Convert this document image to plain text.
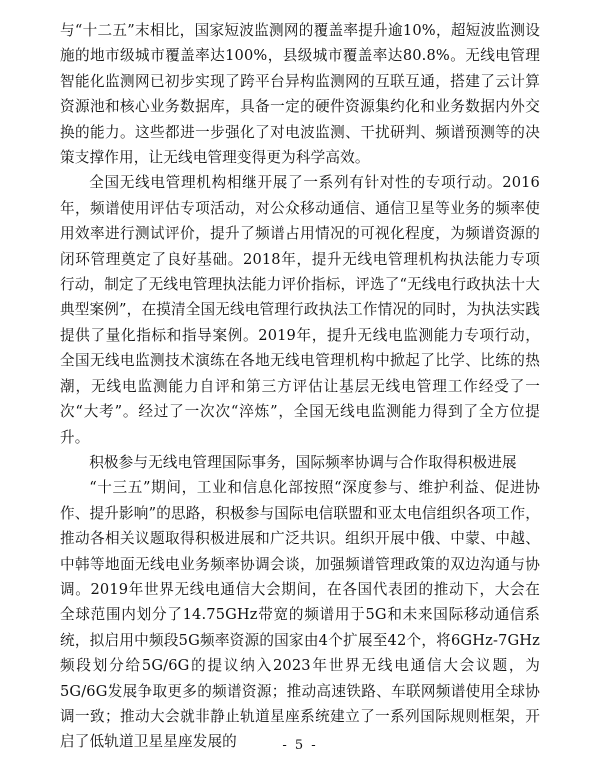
与“十二五”末相比，国家短波监测网的覆盖率提升逾10%，超短波监测设施的地市级城市覆盖率达100%，县级城市覆盖率达80.8%。无线电管理智能化监测网已初步实现了跨平台异构监测网的互联互通，搭建了云计算资源池和核心业务数据库，具备一定的硬件资源集约化和业务数据内外交换的能力。这些都进一步强化了对电波监测、干扰研判、频谱预测等的决策支撑作用，让无线电管理变得更为科学高效。

全国无线电管理机构相继开展了一系列有针对性的专项行动。2016年，频谱使用评估专项活动，对公众移动通信、通信卫星等业务的频率使用效率进行测试评价，提升了频谱占用情况的可视化程度，为频谱资源的闭环管理奠定了良好基础。2018年，提升无线电管理机构执法能力专项行动，制定了无线电管理执法能力评价指标，评选了“无线电行政执法十大典型案例”，在摸清全国无线电管理行政执法工作情况的同时，为执法实践提供了量化指标和指导案例。2019年，提升无线电监测能力专项行动，全国无线电监测技术演练在各地无线电管理机构中掀起了比学、比练的热潮，无线电监测能力自评和第三方评估让基层无线电管理工作经受了一次“大考”。经过了一次次“淬炼”，全国无线电监测能力得到了全方位提升。

积极参与无线电管理国际事务，国际频率协调与合作取得积极进展

“十三五”期间，工业和信息化部按照“深度参与、维护利益、促进协作、提升影响”的思路，积极参与国际电信联盟和亚太电信组织各项工作，推动各相关议题取得积极进展和广泛共识。组织开展中俄、中蒙、中越、中韩等地面无线电业务频率协调会谈，加强频谱管理政策的双边沟通与协调。2019年世界无线电通信大会期间，在各国代表团的推动下，大会在全球范围内划分了14.75GHz带宽的频谱用于5G和未来国际移动通信系统，拟启用中频段5G频率资源的国家由4个扩展至42个，将6GHz-7GHz频段划分给5G/6G的提议纳入2023年世界无线电通信大会议题，为5G/6G发展争取更多的频谱资源；推动高速铁路、车联网频谱使用全球协调一致；推动大会就非静止轨道星座系统建立了一系列国际规则框架，开启了低轨道卫星星座发展的	- 5 -
